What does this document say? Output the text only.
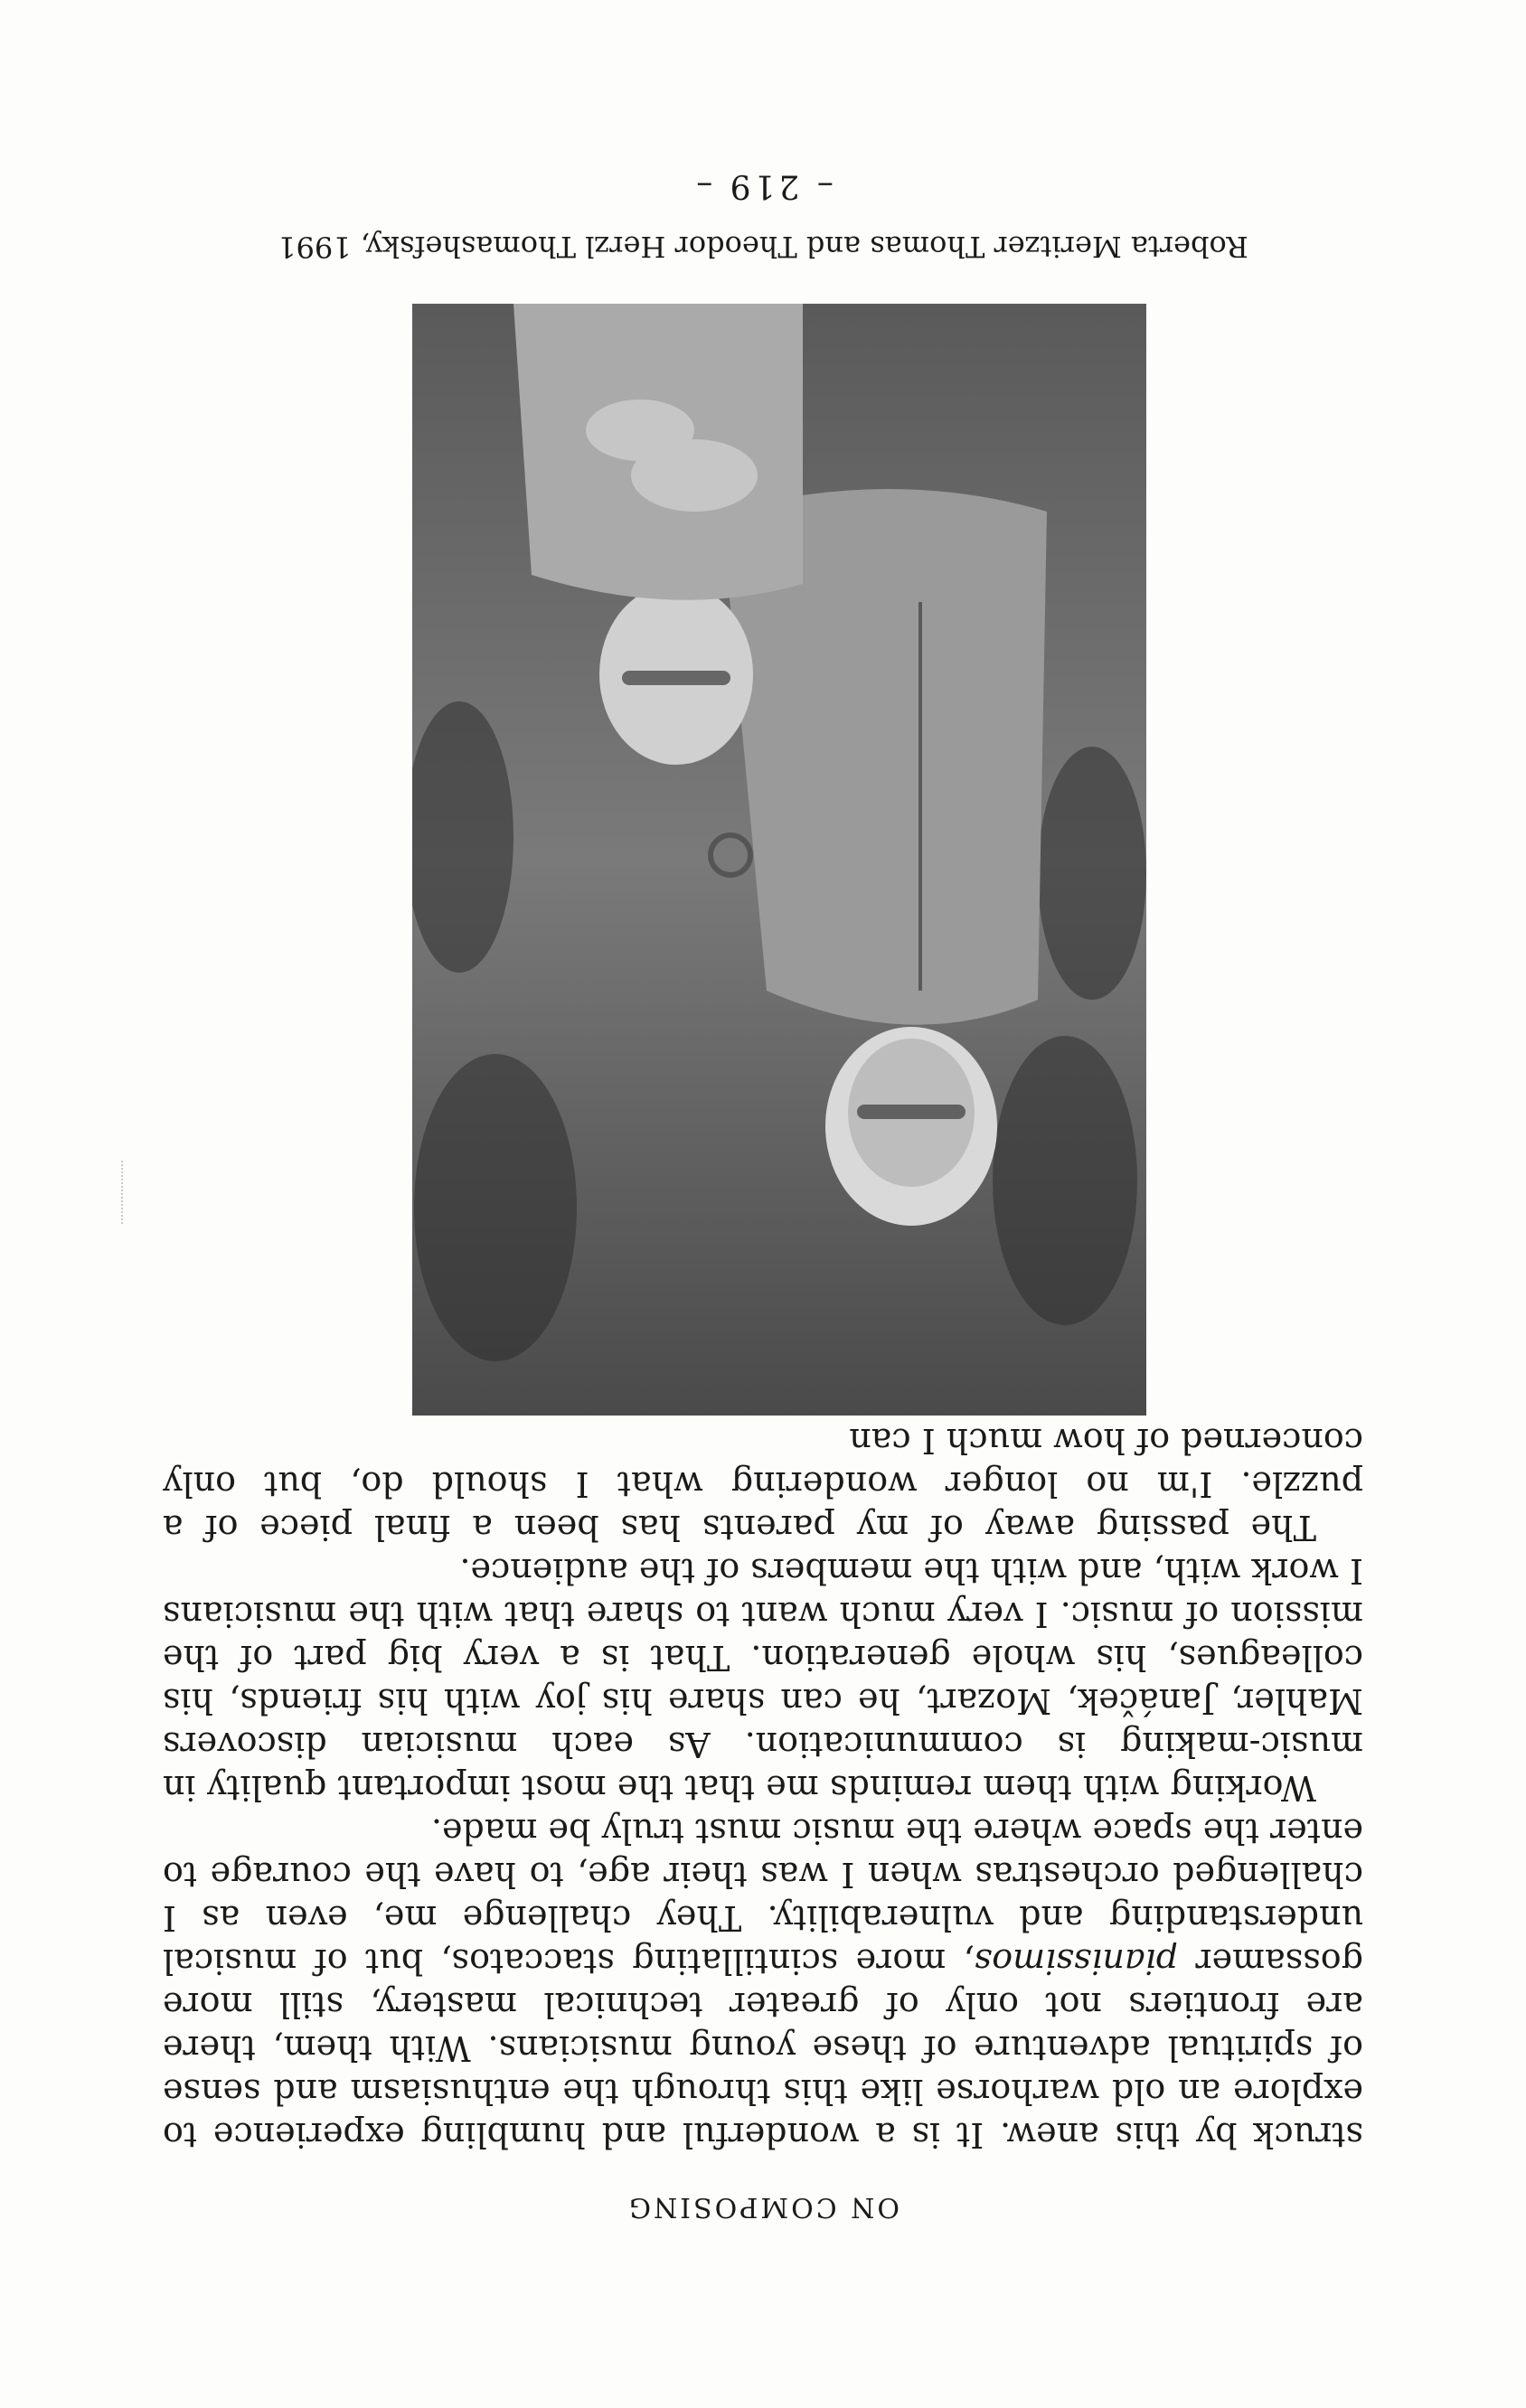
ON COMPOSING

struck by this anew. It is a wonderful and humbling experience to explore an old warhorse like this through the enthusiasm and sense of spiritual adventure of these young musicians. With them, there are frontiers not only of greater technical mastery, still more gossamer pianissimos, more scintillating staccatos, but of musical understanding and vulnerability. They challenge me, even as I challenged orchestras when I was their age, to have the courage to enter the space where the music must truly be made.

Working with them reminds me that the most important quality in music-making is communication. As each musician discovers Mahler, Janáček, Mozart, he can share his joy with his friends, his colleagues, his whole generation. That is a very big part of the mission of music. I very much want to share that with the musicians I work with, and with the members of the audience.

The passing away of my parents has been a final piece of a puzzle. I'm no longer wondering what I should do, but only concerned of how much I can

Roberta Meritzer Thomas and Theodor Herzl Thomashefsky, 1991
– 219 –
